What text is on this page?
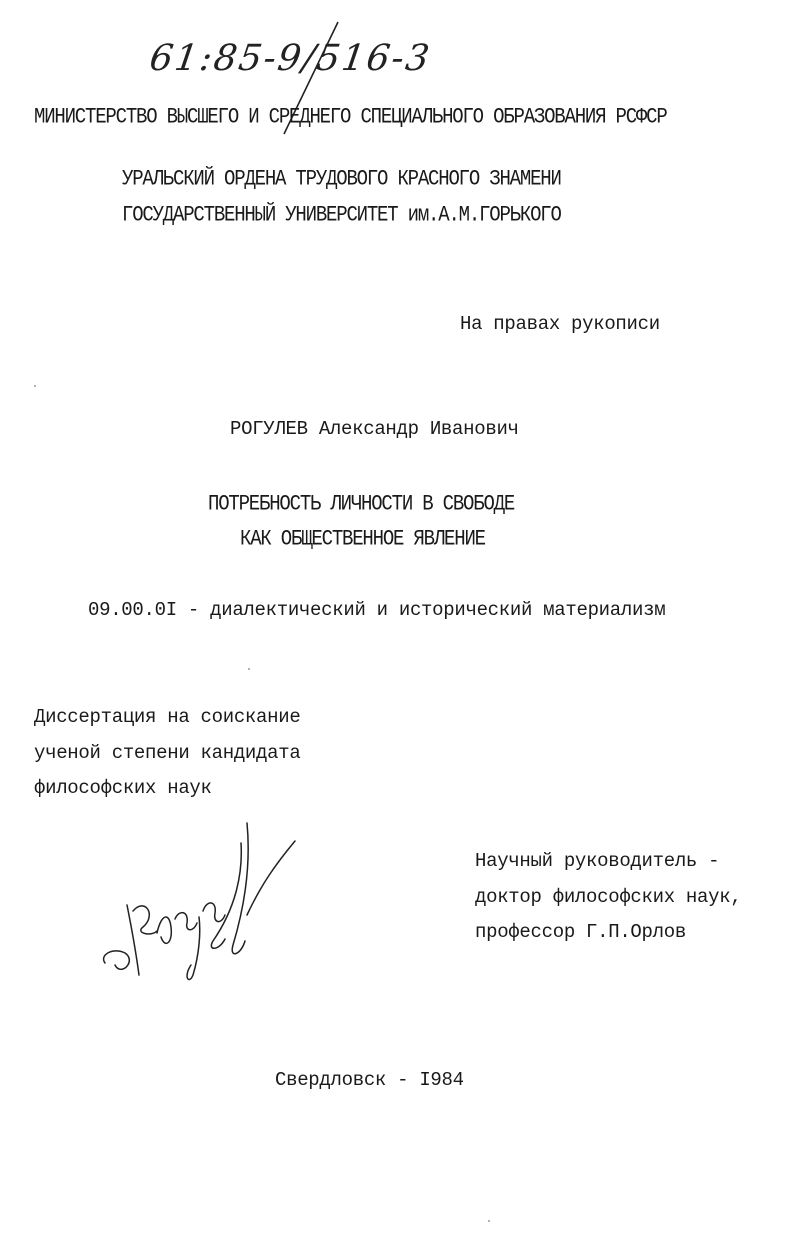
61:85-9/516-3
МИНИСТЕРСТВО ВЫСШЕГО И СРЕДНЕГО СПЕЦИАЛЬНОГО ОБРАЗОВАНИЯ РСФСР
УРАЛЬСКИЙ ОРДЕНА ТРУДОВОГО КРАСНОГО ЗНАМЕНИ
ГОСУДАРСТВЕННЫЙ УНИВЕРСИТЕТ им.А.М.ГОРЬКОГО
На правах рукописи
РОГУЛЕВ Александр Иванович
ПОТРЕБНОСТЬ ЛИЧНОСТИ В СВОБОДЕ
КАК ОБЩЕСТВЕННОЕ ЯВЛЕНИЕ
09.00.0I - диалектический и исторический материализм
Диссертация на соискание
ученой степени кандидата
философских наук
Научный руководитель -
доктор философских наук,
профессор Г.П.Орлов
Свердловск - I984
